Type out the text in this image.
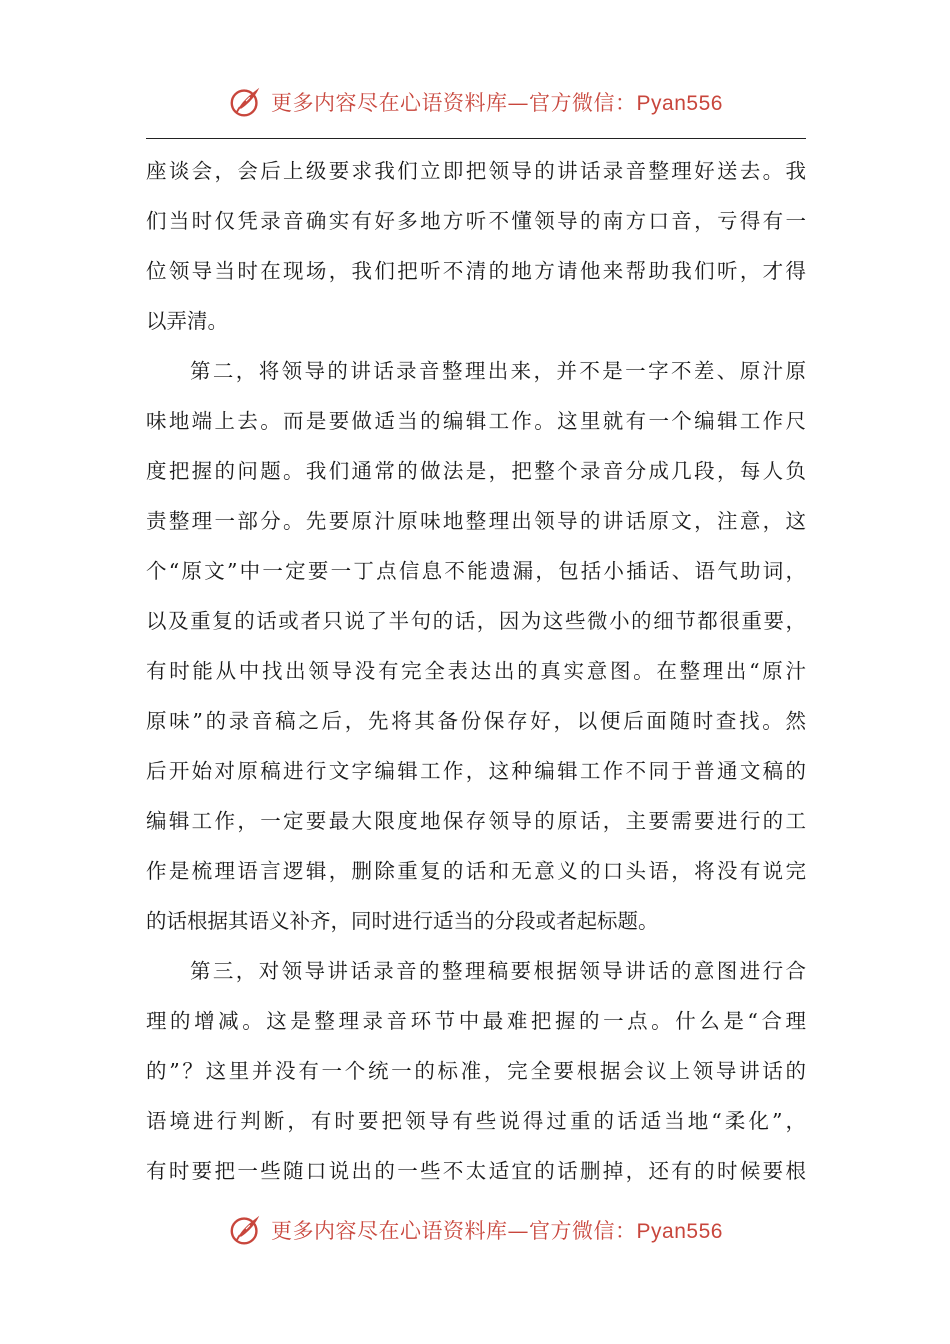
更多内容尽在心语资料库—官方微信：Pyan556
座谈会，会后上级要求我们立即把领导的讲话录音整理好送去。我
们当时仅凭录音确实有好多地方听不懂领导的南方口音，亏得有一
位领导当时在现场，我们把听不清的地方请他来帮助我们听，才得
以弄清。
第二，将领导的讲话录音整理出来，并不是一字不差、原汁原
味地端上去。而是要做适当的编辑工作。这里就有一个编辑工作尺
度把握的问题。我们通常的做法是，把整个录音分成几段，每人负
责整理一部分。先要原汁原味地整理出领导的讲话原文，注意，这
个“原文”中一定要一丁点信息不能遗漏，包括小插话、语气助词，
以及重复的话或者只说了半句的话，因为这些微小的细节都很重要，
有时能从中找出领导没有完全表达出的真实意图。在整理出“原汁
原味”的录音稿之后，先将其备份保存好，以便后面随时查找。然
后开始对原稿进行文字编辑工作，这种编辑工作不同于普通文稿的
编辑工作，一定要最大限度地保存领导的原话，主要需要进行的工
作是梳理语言逻辑，删除重复的话和无意义的口头语，将没有说完
的话根据其语义补齐，同时进行适当的分段或者起标题。
第三，对领导讲话录音的整理稿要根据领导讲话的意图进行合
理的增减。这是整理录音环节中最难把握的一点。什么是“合理
的”？这里并没有一个统一的标准，完全要根据会议上领导讲话的
语境进行判断，有时要把领导有些说得过重的话适当地“柔化”，
有时要把一些随口说出的一些不太适宜的话删掉，还有的时候要根
更多内容尽在心语资料库—官方微信：Pyan556
